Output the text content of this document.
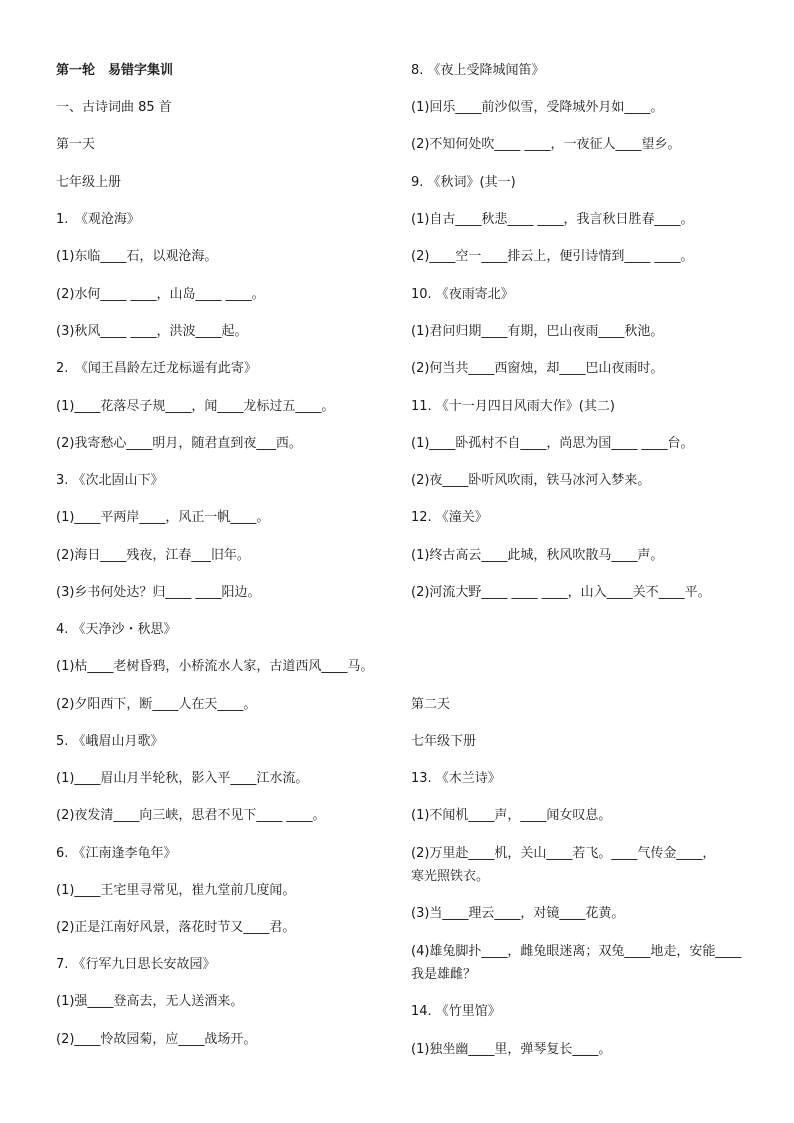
第一轮　易错字集训
一、古诗词曲 85 首
第一天
七年级上册
1.　《观沧海》
(1)东临____石，以观沧海。
(2)水何____ ____，山岛____ ____。
(3)秋风____ ____，洪波____起。
2.　《闻王昌龄左迁龙标遥有此寄》
(1)____花落尽子规____，闻____龙标过五____。
(2)我寄愁心____明月，随君直到夜___西。
3. 《次北固山下》
(1)____平两岸____，风正一帆____。
(2)海日____残夜，江春___旧年。
(3)乡书何处达？归____ ____阳边。
4. 《天净沙・秋思》
(1)枯____老树昏鸦，小桥流水人家，古道西风____马。
(2)夕阳西下，断____人在天____。
5. 《峨眉山月歌》
(1)____眉山月半轮秋，影入平____江水流。
(2)夜发清____向三峡，思君不见下____ ____。
6. 《江南逢李龟年》
(1)____王宅里寻常见，崔九堂前几度闻。
(2)正是江南好风景，落花时节又____君。
7. 《行军九日思长安故园》
(1)强____登高去，无人送酒来。
(2)____怜故园菊，应____战场开。
8. 《夜上受降城闻笛》
(1)回乐____前沙似雪，受降城外月如____。
(2)不知何处吹____ ____，一夜征人____望乡。
9. 《秋词》(其一)
(1)自古____秋悲____ ____，我言秋日胜春____。
(2)____空一____排云上，便引诗情到____ ____。
10. 《夜雨寄北》
(1)君问归期____有期，巴山夜雨____秋池。
(2)何当共____西窗烛，却____巴山夜雨时。
11. 《十一月四日风雨大作》(其二)
(1)____卧孤村不自____，尚思为国____ ____台。
(2)夜____卧听风吹雨，铁马冰河入梦来。
12. 《潼关》
(1)终古高云____此城，秋风吹散马____声。
(2)河流大野____ ____ ____，山入____关不____平。
第二天
七年级下册
13. 《木兰诗》
(1)不闻机____声，____闻女叹息。
(2)万里赴____机，关山____若飞。____气传金____，
寒光照铁衣。
(3)当____理云____，对镜____花黄。
(4)雄兔脚扑____，雌兔眼迷离；双兔____地走，安能____
我是雄雌？
14. 《竹里馆》
(1)独坐幽____里，弹琴复长____。
